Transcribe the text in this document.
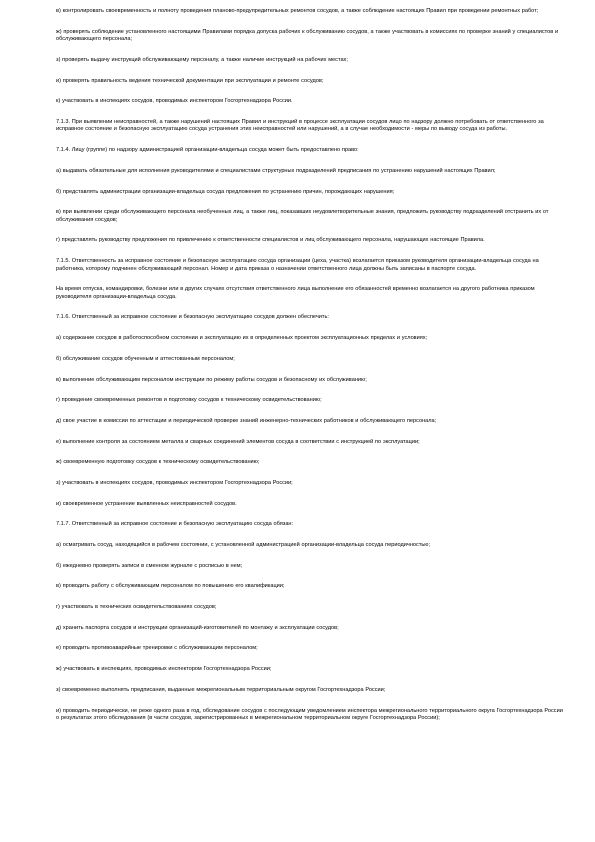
в) контролировать своевременность и полноту проведения планово-предупредительных ремонтов сосудов, а также соблюдение настоящих Правил при проведении ремонтных работ;

ж) проверять соблюдение установленного настоящими Правилами порядка допуска рабочих к обслуживанию сосудов, а также участвовать в комиссиях по проверке знаний у специалистов и обслуживающего персонала;

з) проверять выдачу инструкций обслуживающему персоналу, а также наличие инструкций на рабочих местах;

и) проверять правильность ведения технической документации при эксплуатации и ремонте сосудов;

к) участвовать в инспекциях сосудов, проводимых инспектором Госгортехнадзора России.

7.1.3. При выявлении неисправностей, а также нарушений настоящих Правил и инструкций в процессе эксплуатации сосудов лицо по надзору должно потребовать от ответственного за исправное состояние и безопасную эксплуатацию сосуда устранения этих неисправностей или нарушений, а в случае необходимости - меры по выводу сосуда из работы.

7.1.4. Лицу (группе) по надзору администрацией организации-владельца сосуда может быть предоставлено право:

а) выдавать обязательные для исполнения руководителями и специалистами структурных подразделений предписания по устранению нарушений настоящих Правил;

б) представлять администрации организации-владельца сосуда предложения по устранению причин, порождающих нарушения;

в) при выявлении среди обслуживающего персонала необученных лиц, а также лиц, показавших неудовлетворительные знания, предложить руководству подразделений отстранить их от обслуживания сосудов;

г) представлять руководству предложения по привлечению к ответственности специалистов и лиц обслуживающего персонала, нарушающих настоящие Правила.

7.1.5. Ответственность за исправное состояние и безопасную эксплуатацию сосуда организации (цеха, участка) возлагается приказом руководителя организации-владельца сосуда на работника, которому подчинен обслуживающий персонал. Номер и дата приказа о назначении ответственного лица должны быть записаны в паспорте сосуда.

На время отпуска, командировки, болезни или в других случаях отсутствия ответственного лица выполнение его обязанностей временно возлагается на другого работника приказом руководителя организации-владельца сосуда.

7.1.6. Ответственный за исправное состояние и безопасную эксплуатацию сосудов должен обеспечить:

а) содержание сосудов в работоспособном состоянии и эксплуатацию их в определенных проектом эксплуатационных пределах и условиях;

б) обслуживание сосудов обученным и аттестованным персоналом;

в) выполнение обслуживающим персоналом инструкции по режиму работы сосудов и безопасному их обслуживанию;

г) проведение своевременных ремонтов и подготовку сосудов к техническому освидетельствованию;

д) свое участие в комиссии по аттестации и периодической проверке знаний инженерно-технических работников и обслуживающего персонала;

е) выполнение контроля за состоянием металла и сварных соединений элементов сосуда в соответствии с инструкцией по эксплуатации;

ж) своевременную подготовку сосудов к техническому освидетельствованию;

з) участвовать в инспекциях сосудов, проводимых инспектором Госгортехнадзора России;

и) своевременное устранение выявленных неисправностей сосудов.

7.1.7. Ответственный за исправное состояние и безопасную эксплуатацию сосуда обязан:

а) осматривать сосуд, находящийся в рабочем состоянии, с установленной администрацией организации-владельца сосуда периодичностью;

б) ежедневно проверять записи в сменном журнале с росписью в нем;

в) проводить работу с обслуживающим персоналом по повышению его квалификации;

г) участвовать в технических освидетельствованиях сосудов;

д) хранить паспорта сосудов и инструкции организаций-изготовителей по монтажу и эксплуатации сосудов;

е) проводить противоаварийные тренировки с обслуживающим персоналом;

ж) участвовать в инспекциях, проводимых инспектором Госгортехнадзора России;

з) своевременно выполнять предписания, выданные межрегиональным территориальным округом Госгортехнадзора России;

и) проводить периодически, не реже одного раза в год, обследование сосудов с последующим уведомлением инспектора межрегионального территориального округа Госгортехнадзора России о результатах этого обследования (в части сосудов, зарегистрированных в межрегиональном территориальном округе Госгортехнадзора России);
